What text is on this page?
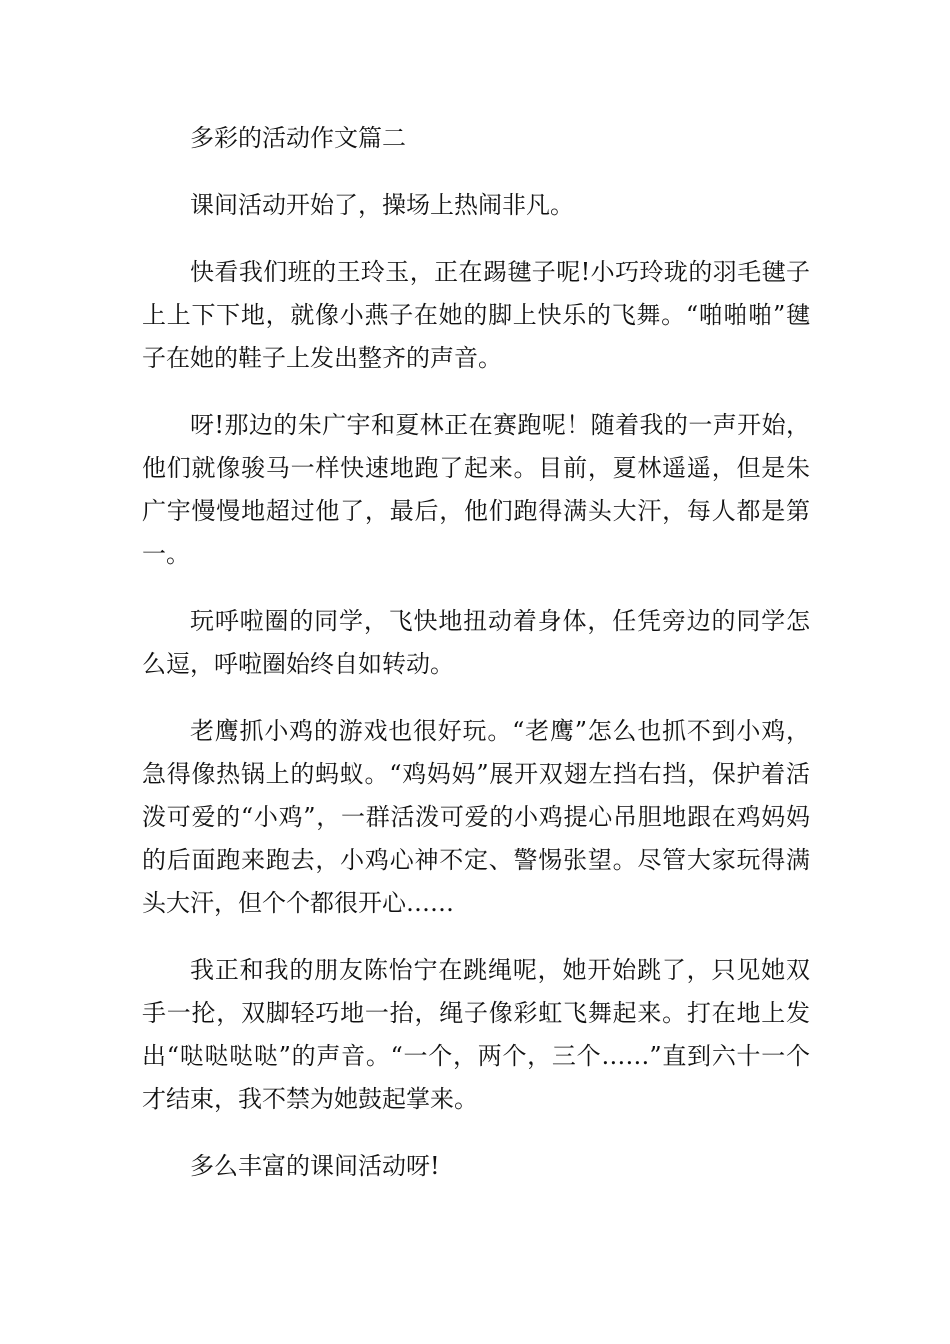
多彩的活动作文篇二

课间活动开始了，操场上热闹非凡。

快看我们班的王玲玉，正在踢毽子呢!小巧玲珑的羽毛毽子上上下下地，就像小燕子在她的脚上快乐的飞舞。“啪啪啪”毽子在她的鞋子上发出整齐的声音。

呀!那边的朱广宇和夏林正在赛跑呢！随着我的一声开始，他们就像骏马一样快速地跑了起来。目前，夏林遥遥，但是朱广宇慢慢地超过他了，最后，他们跑得满头大汗，每人都是第一。

玩呼啦圈的同学，飞快地扭动着身体，任凭旁边的同学怎么逗，呼啦圈始终自如转动。

老鹰抓小鸡的游戏也很好玩。“老鹰”怎么也抓不到小鸡，急得像热锅上的蚂蚁。“鸡妈妈”展开双翅左挡右挡，保护着活泼可爱的“小鸡”，一群活泼可爱的小鸡提心吊胆地跟在鸡妈妈的后面跑来跑去，小鸡心神不定、警惕张望。尽管大家玩得满头大汗，但个个都很开心……

我正和我的朋友陈怡宁在跳绳呢，她开始跳了，只见她双手一抡，双脚轻巧地一抬，绳子像彩虹飞舞起来。打在地上发出“哒哒哒哒”的声音。“一个，两个，三个……”直到六十一个才结束，我不禁为她鼓起掌来。

多么丰富的课间活动呀!
